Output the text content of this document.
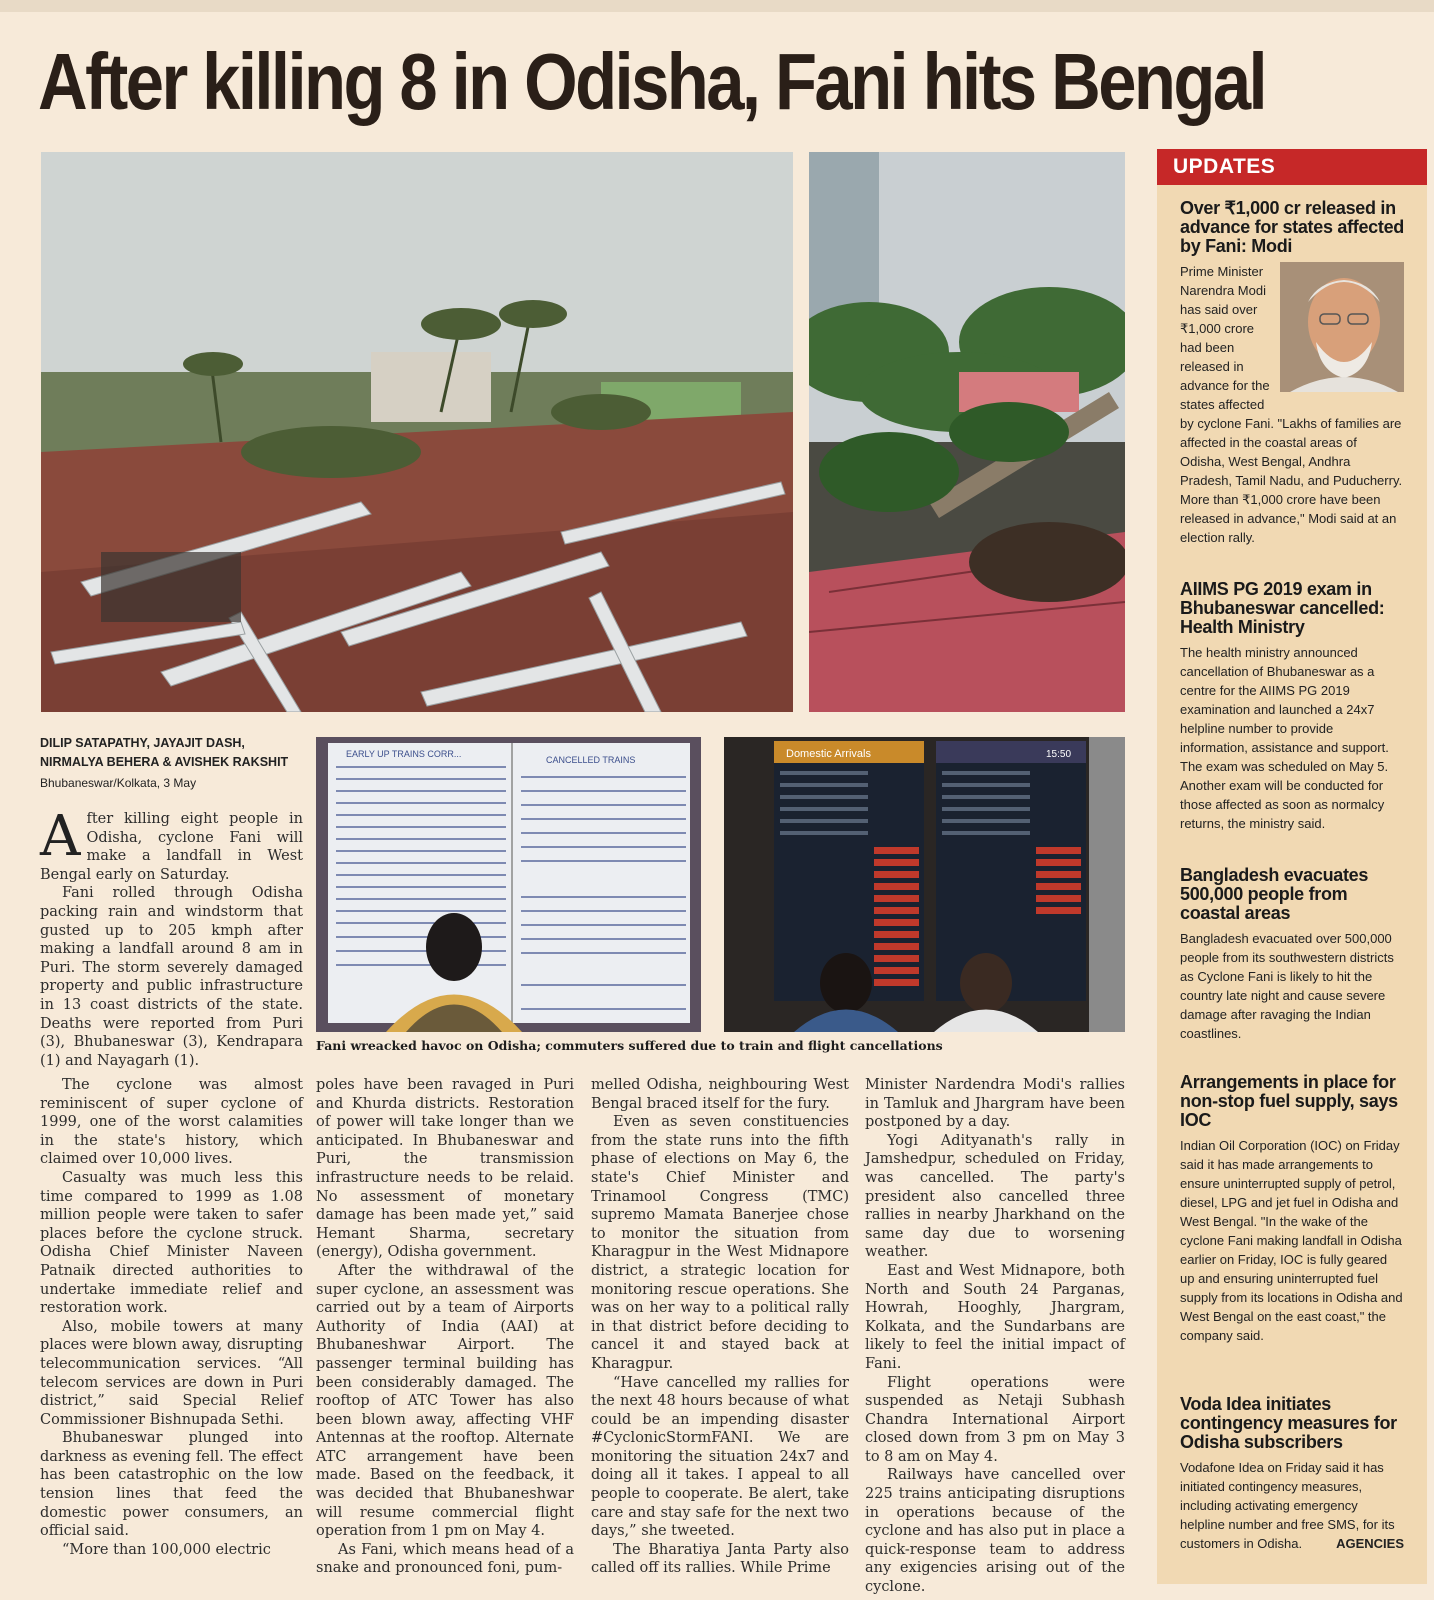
After killing 8 in Odisha, Fani hits Bengal
EARLY UP TRAINS CORR...
CANCELLED TRAINS	Domestic Arrivals	15:50
DILIP SATAPATHY, JAYAJIT DASH,
NIRMALYA BEHERA & AVISHEK RAKSHIT
Bhubaneswar/Kolkata, 3 May
Fani wreacked havoc on Odisha; commuters suffered due to train and flight cancellations

After killing eight people in Odisha, cyclone Fani will make a landfall in West Bengal early on Saturday.

Fani rolled through Odisha packing rain and windstorm that gusted up to 205 kmph after making a landfall around 8 am in Puri. The storm severely damaged property and public infrastructure in 13 coast districts of the state. Deaths were reported from Puri (3), Bhubaneswar (3), Kendrapara (1) and Nayagarh (1).

The cyclone was almost reminiscent of super cyclone of 1999, one of the worst calamities in the state's history, which claimed over 10,000 lives.

Casualty was much less this time compared to 1999 as 1.08 million people were taken to safer places before the cyclone struck. Odisha Chief Minister Naveen Patnaik directed authorities to undertake immediate relief and restoration work.

Also, mobile towers at many places were blown away, disrupting telecommunication services. “All telecom services are down in Puri district,” said Special Relief Commissioner Bishnupada Sethi.

Bhubaneswar plunged into darkness as evening fell. The effect has been catastrophic on the low tension lines that feed the domestic power consumers, an official said.

“More than 100,000 electric

poles have been ravaged in Puri and Khurda districts. Restoration of power will take longer than we anticipated. In Bhubaneswar and Puri, the transmission infrastructure needs to be relaid. No assessment of monetary damage has been made yet,” said Hemant Sharma, secretary (energy), Odisha government.

After the withdrawal of the super cyclone, an assessment was carried out by a team of Airports Authority of India (AAI) at Bhubaneshwar Airport. The passenger terminal building has been considerably damaged. The rooftop of ATC Tower has also been blown away, affecting VHF Antennas at the rooftop. Alternate ATC arrangement have been made. Based on the feedback, it was decided that Bhubaneshwar will resume commercial flight operation from 1 pm on May 4.

As Fani, which means head of a snake and pronounced foni, pum-

melled Odisha, neighbouring West Bengal braced itself for the fury.

Even as seven constituencies from the state runs into the fifth phase of elections on May 6, the state's Chief Minister and Trinamool Congress (TMC) supremo Mamata Banerjee chose to monitor the situation from Kharagpur in the West Midnapore district, a strategic location for monitoring rescue operations. She was on her way to a political rally in that district before deciding to cancel it and stayed back at Kharagpur.

“Have cancelled my rallies for the next 48 hours because of what could be an impending disaster #CyclonicStormFANI. We are monitoring the situation 24x7 and doing all it takes. I appeal to all people to cooperate. Be alert, take care and stay safe for the next two days,” she tweeted.

The Bharatiya Janta Party also called off its rallies. While Prime

Minister Nardendra Modi's rallies in Tamluk and Jhargram have been postponed by a day.

Yogi Adityanath's rally in Jamshedpur, scheduled on Friday, was cancelled. The party's president also cancelled three rallies in nearby Jharkhand on the same day due to worsening weather.

East and West Midnapore, both North and South 24 Parganas, Howrah, Hooghly, Jhargram, Kolkata, and the Sundarbans are likely to feel the initial impact of Fani.

Flight operations were suspended as Netaji Subhash Chandra International Airport closed down from 3 pm on May 3 to 8 am on May 4.

Railways have cancelled over 225 trains anticipating disruptions in operations because of the cyclone and has also put in place a quick-response team to address any exigencies arising out of the cyclone.

UPDATES
Over ₹1,000 cr released in advance for states affected by Fani: Modi
Prime Minister Narendra Modi has said over ₹1,000 crore had been released in advance for the states affected by cyclone Fani. "Lakhs of families are affected in the coastal areas of Odisha, West Bengal, Andhra Pradesh, Tamil Nadu, and Puducherry. More than ₹1,000 crore have been released in advance," Modi said at an election rally.
AIIMS PG 2019 exam in Bhubaneswar cancelled: Health Ministry
The health ministry announced cancellation of Bhubaneswar as a centre for the AIIMS PG 2019 examination and launched a 24x7 helpline number to provide information, assistance and support. The exam was scheduled on May 5. Another exam will be conducted for those affected as soon as normalcy returns, the ministry said.
Bangladesh evacuates 500,000 people from coastal areas
Bangladesh evacuated over 500,000 people from its southwestern districts as Cyclone Fani is likely to hit the country late night and cause severe damage after ravaging the Indian coastlines.
Arrangements in place for non-stop fuel supply, says IOC
Indian Oil Corporation (IOC) on Friday said it has made arrangements to ensure uninterrupted supply of petrol, diesel, LPG and jet fuel in Odisha and West Bengal. "In the wake of the cyclone Fani making landfall in Odisha earlier on Friday, IOC is fully geared up and ensuring uninterrupted fuel supply from its locations in Odisha and West Bengal on the east coast," the company said.
Voda Idea initiates contingency measures for Odisha subscribers
Vodafone Idea on Friday said it has initiated contingency measures, including activating emergency helpline number and free SMS, for its customers in Odisha.	AGENCIES
